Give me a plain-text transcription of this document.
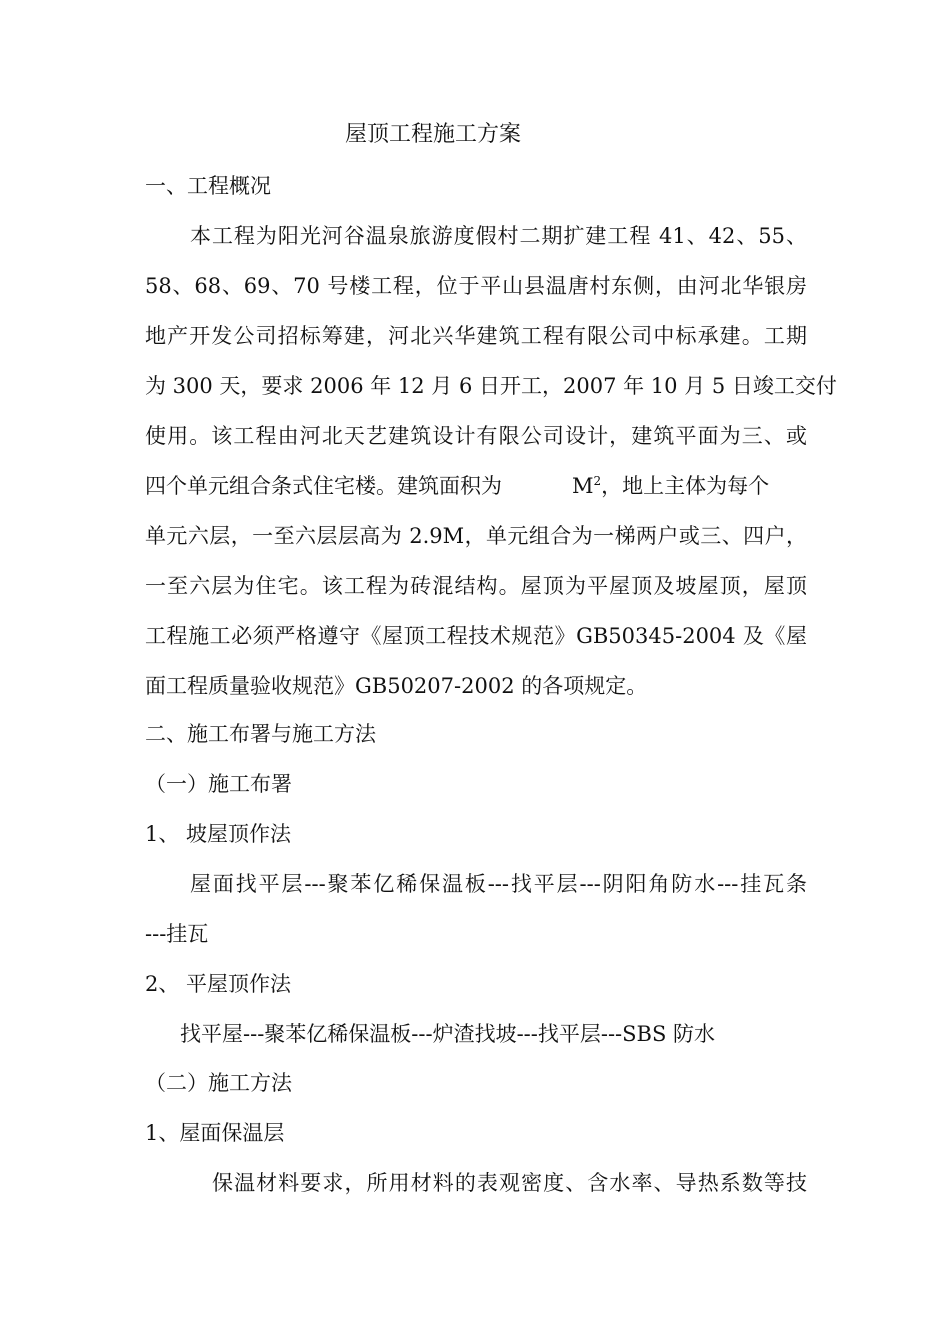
屋顶工程施工方案
一、工程概况
本工程为阳光河谷温泉旅游度假村二期扩建工程 41、42、55、
58、68、69、70 号楼工程，位于平山县温唐村东侧，由河北华银房
地产开发公司招标筹建，河北兴华建筑工程有限公司中标承建。工期
为 300 天，要求 2006 年 12 月 6 日开工，2007 年 10 月 5 日竣工交付
使用。该工程由河北天艺建筑设计有限公司设计，建筑平面为三、或
四个单元组合条式住宅楼。建筑面积为	$M^2$，地上主体为每个
单元六层，一至六层层高为 2.9M，单元组合为一梯两户或三、四户，
一至六层为住宅。该工程为砖混结构。屋顶为平屋顶及坡屋顶，屋顶
工程施工必须严格遵守《屋顶工程技术规范》GB50345-2004 及《屋
面工程质量验收规范》GB50207-2002 的各项规定。
二、施工布署与施工方法
（一）施工布署
1、 坡屋顶作法
屋面找平层---聚苯亿稀保温板---找平层---阴阳角防水---挂瓦条
---挂瓦
2、 平屋顶作法
找平屋---聚苯亿稀保温板---炉渣找坡---找平层---SBS 防水
（二）施工方法
1、屋面保温层
保温材料要求，所用材料的表观密度、含水率、导热系数等技
